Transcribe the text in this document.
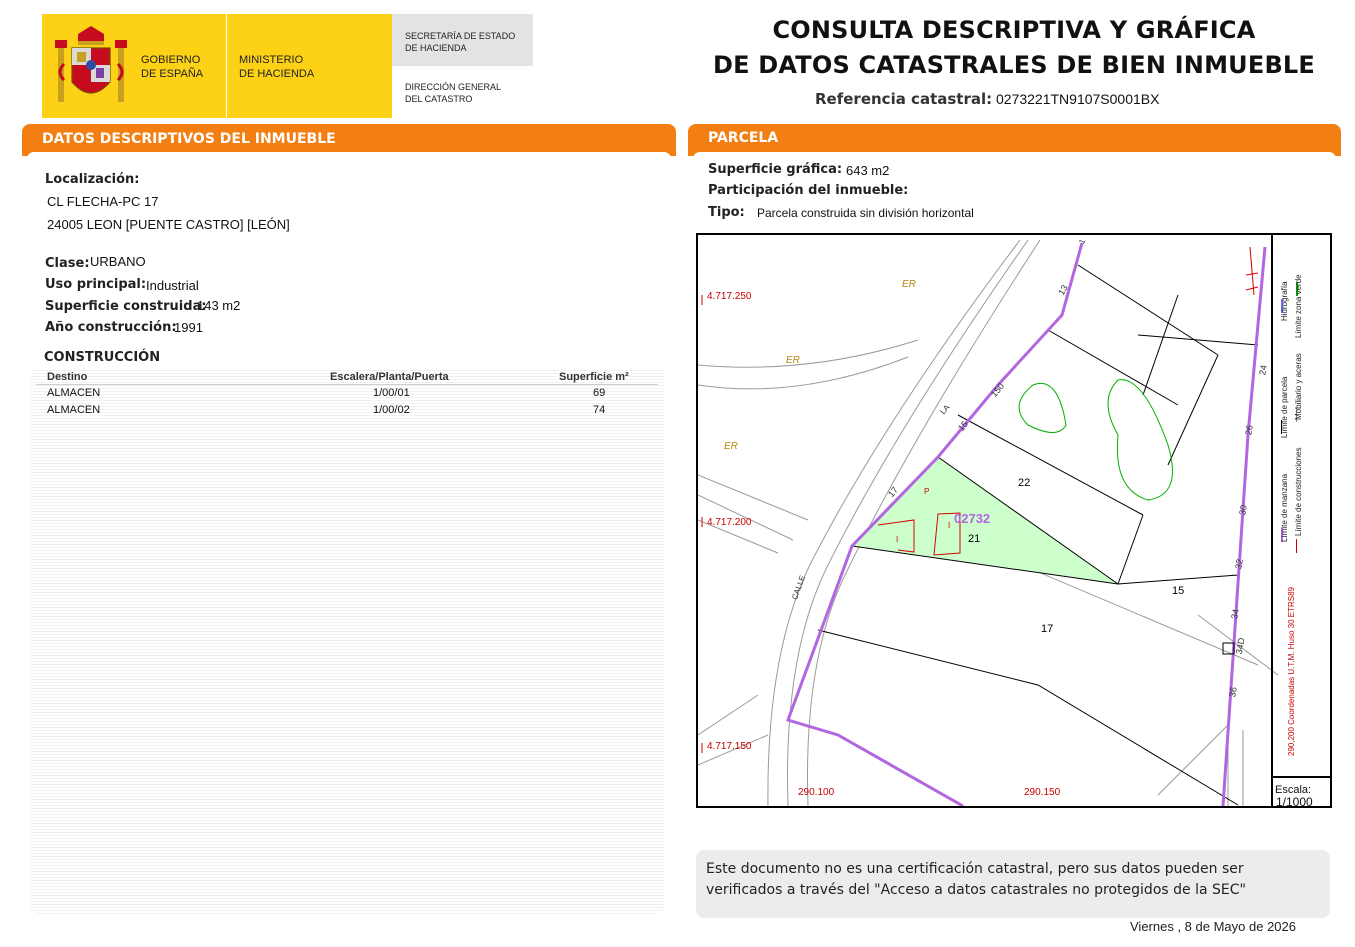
GOBIERNO
DE ESPAÑA
MINISTERIO
DE HACIENDA
SECRETARÍA DE ESTADO
DE HACIENDA
DIRECCIÓN GENERAL
DEL CATASTRO
CONSULTA DESCRIPTIVA Y GRÁFICA
DE DATOS CATASTRALES DE BIEN INMUEBLE
Referencia catastral: 0273221TN9107S0001BX
DATOS DESCRIPTIVOS DEL INMUEBLE
Localización:
CL FLECHA-PC 17
24005 LEON [PUENTE CASTRO] [LEÓN]
Clase: URBANO
Uso principal: Industrial
Superficie construida:
143 m2
Año construcción:
1991
CONSTRUCCIÓN
Destino	Escalera/Planta/Puerta	Superficie m²
ALMACEN	1/00/01	69
ALMACEN	1/00/02	74
PARCELA
Superficie gráfica: 643 m2
Participación del inmueble:
Tipo: Parcela construida sin división horizontal
4.717.250
4.717.200
4.717.150
290.100	290.150
ER
ER
ER
02732
22
21
15
17
P
I
I
1
13
150
15
17
24
26
30
32
34
34D
36
LA
CALLE
Hidrografía Límite zona verde
Límite de parcela Mobiliario y aceras
Límite de manzana Límite de construcciones
290,200 Coordenadas U.T.M. Huso 30 ETRS89
Escala:
1/1000
Este documento no es una certificación catastral, pero sus datos pueden ser verificados a través del "Acceso a datos catastrales no protegidos de la SEC"
Viernes , 8 de Mayo de 2026
